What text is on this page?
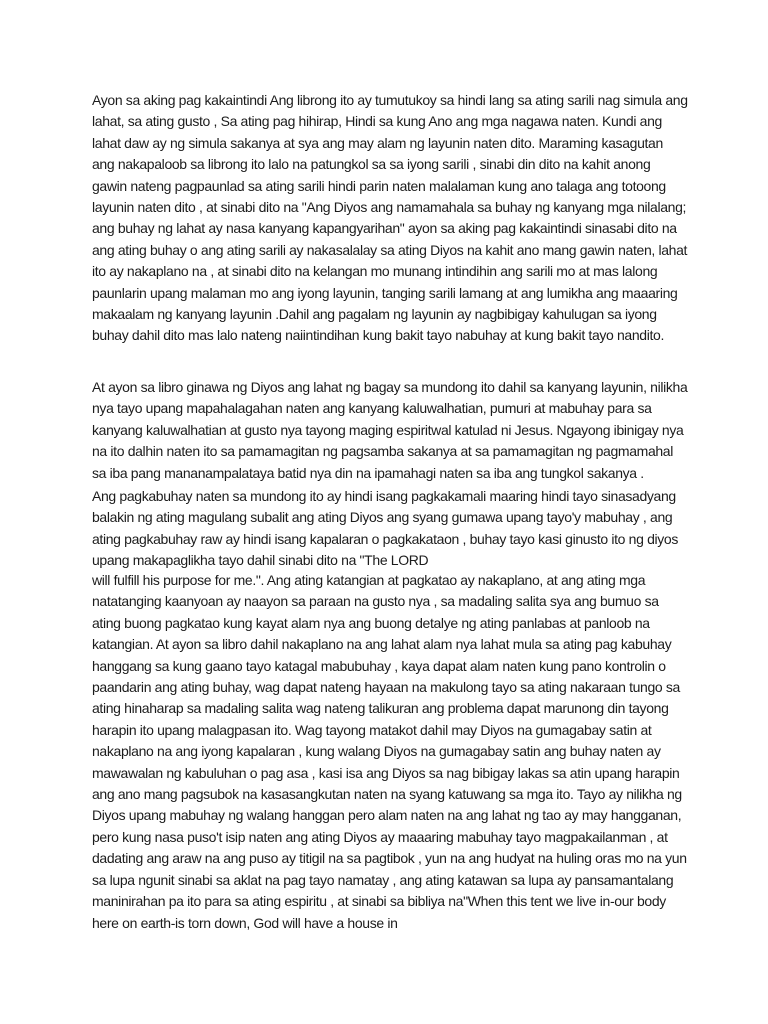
Ayon sa aking pag kakaintindi Ang librong ito ay tumutukoy sa hindi lang sa ating sarili nag simula ang lahat, sa ating gusto , Sa ating pag hihirap, Hindi sa kung Ano ang mga nagawa naten. Kundi ang lahat daw ay ng simula sakanya at sya ang may alam ng layunin naten dito. Maraming kasagutan ang nakapaloob sa librong ito lalo na patungkol sa sa iyong sarili , sinabi din dito na kahit anong gawin nateng pagpaunlad sa ating sarili hindi parin naten malalaman kung ano talaga ang totoong layunin naten dito , at sinabi dito na "Ang Diyos ang namamahala sa buhay ng kanyang mga nilalang; ang buhay ng lahat ay nasa kanyang kapangyarihan" ayon sa aking pag kakaintindi sinasabi dito na ang ating buhay o ang ating sarili ay nakasalalay sa ating Diyos na kahit ano mang gawin naten, lahat ito ay nakaplano na , at sinabi dito na kelangan mo munang intindihin ang sarili mo at mas lalong paunlarin upang malaman mo ang iyong layunin, tanging sarili lamang at ang lumikha ang maaaring makaalam ng kanyang layunin .Dahil ang pagalam ng layunin ay nagbibigay kahulugan sa iyong buhay dahil dito mas lalo nateng naiintindihan kung bakit tayo nabuhay at kung bakit tayo nandito.

At ayon sa libro ginawa ng Diyos ang lahat ng bagay sa mundong ito dahil sa kanyang layunin, nilikha nya tayo upang mapahalagahan naten ang kanyang kaluwalhatian, pumuri at mabuhay para sa kanyang kaluwalhatian at gusto nya tayong maging espiritwal katulad ni Jesus. Ngayong ibinigay nya na ito dalhin naten ito sa pamamagitan ng pagsamba sakanya at sa pamamagitan ng pagmamahal sa iba pang mananampalataya batid nya din na ipamahagi naten sa iba ang tungkol sakanya .

Ang pagkabuhay naten sa mundong ito ay hindi isang pagkakamali maaring hindi tayo sinasadyang balakin ng ating magulang subalit ang ating Diyos ang syang gumawa upang tayo'y mabuhay , ang ating pagkabuhay raw ay hindi isang kapalaran o pagkakataon , buhay tayo kasi ginusto ito ng diyos upang makapaglikha tayo dahil sinabi dito na "The LORD

will fulfill his purpose for me.". Ang ating katangian at pagkatao ay nakaplano, at ang ating mga natatanging kaanyoan ay naayon sa paraan na gusto nya , sa madaling salita sya ang bumuo sa ating buong pagkatao kung kayat alam nya ang buong detalye ng ating panlabas at panloob na katangian. At ayon sa libro dahil nakaplano na ang lahat alam nya lahat mula sa ating pag kabuhay hanggang sa kung gaano tayo katagal mabubuhay , kaya dapat alam naten kung pano kontrolin o paandarin ang ating buhay, wag dapat nateng hayaan na makulong tayo sa ating nakaraan tungo sa ating hinaharap sa madaling salita wag nateng talikuran ang problema dapat marunong din tayong harapin ito upang malagpasan ito. Wag tayong matakot dahil may Diyos na gumagabay satin at nakaplano na ang iyong kapalaran , kung walang Diyos na gumagabay satin ang buhay naten ay mawawalan ng kabuluhan o pag asa , kasi isa ang Diyos sa nag bibigay lakas sa atin upang harapin ang ano mang pagsubok na kasasangkutan naten na syang katuwang sa mga ito. Tayo ay nilikha ng Diyos upang mabuhay ng walang hanggan pero alam naten na ang lahat ng tao ay may hangganan, pero kung nasa puso't isip naten ang ating Diyos ay maaaring mabuhay tayo magpakailanman , at dadating ang araw na ang puso ay titigil na sa pagtibok , yun na ang hudyat na huling oras mo na yun sa lupa ngunit sinabi sa aklat na pag tayo namatay , ang ating katawan sa lupa ay pansamantalang maninirahan pa ito para sa ating espiritu , at sinabi sa bibliya na"When this tent we live in-our body here on earth-is torn down, God will have a house in
